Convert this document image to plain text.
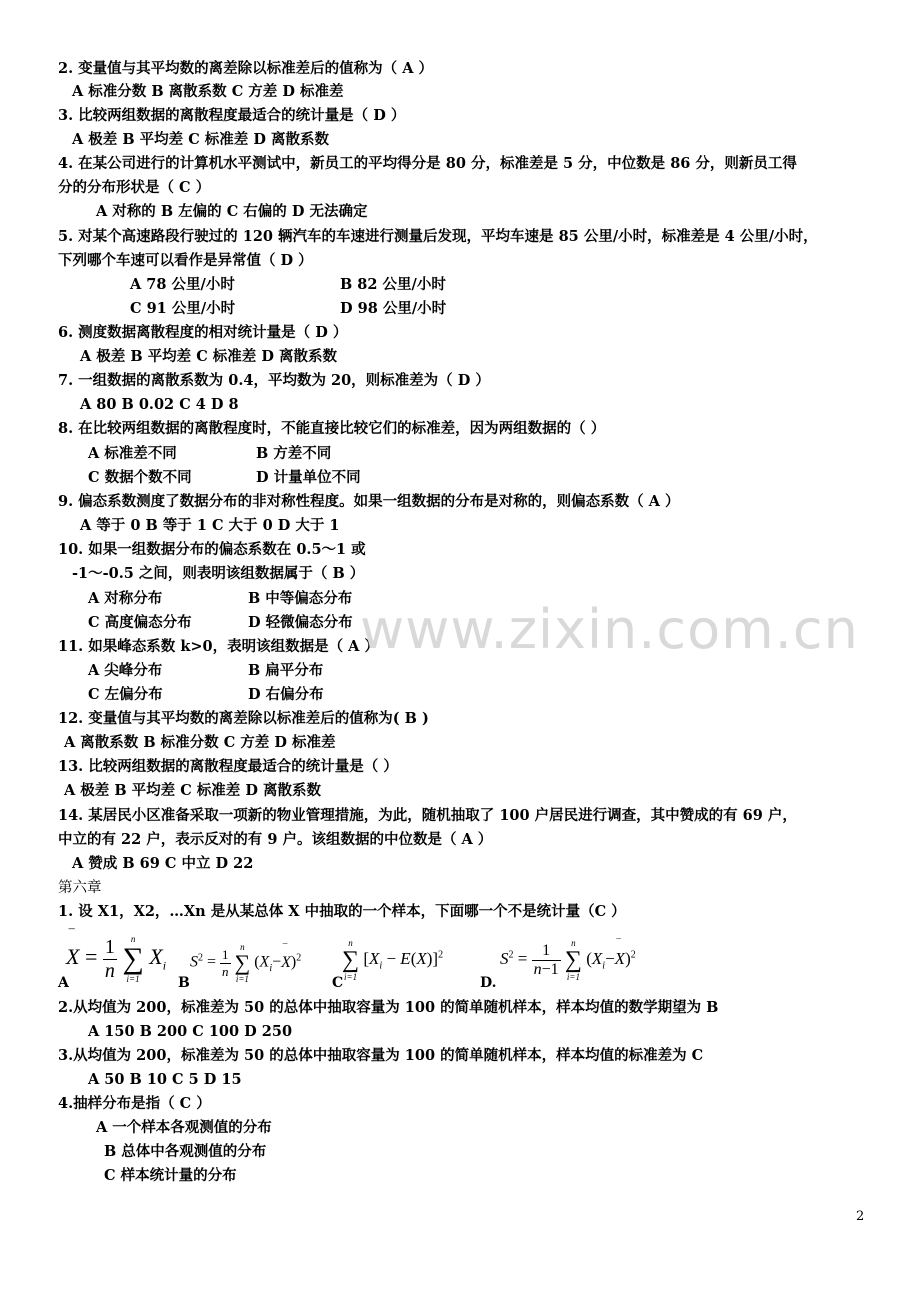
2. 变量值与其平均数的离差除以标准差后的值称为（ A ）
A 标准分数 B 离散系数 C 方差 D 标准差
3. 比较两组数据的离散程度最适合的统计量是（ D ）
A 极差 B 平均差 C 标准差 D 离散系数
4. 在某公司进行的计算机水平测试中，新员工的平均得分是 80 分，标准差是 5 分，中位数是 86 分，则新员工得
分的分布形状是（ C ）
A 对称的 B 左偏的 C 右偏的 D 无法确定
5. 对某个高速路段行驶过的 120 辆汽车的车速进行测量后发现，平均车速是 85 公里/小时，标准差是 4 公里/小时，
下列哪个车速可以看作是异常值（ D ）
A 78 公里/小时	B 82 公里/小时
C 91 公里/小时	D 98 公里/小时
6. 测度数据离散程度的相对统计量是（ D ）
A 极差 B 平均差 C 标准差 D 离散系数
7. 一组数据的离散系数为 0.4，平均数为 20，则标准差为（ D ）
A 80 B 0.02 C 4 D 8
8. 在比较两组数据的离散程度时，不能直接比较它们的标准差，因为两组数据的（ ）
A 标准差不同	B 方差不同
C 数据个数不同	D 计量单位不同
9. 偏态系数测度了数据分布的非对称性程度。如果一组数据的分布是对称的，则偏态系数（ A ）
A 等于 0 B 等于 1 C 大于 0 D 大于 1
10. 如果一组数据分布的偏态系数在 0.5～1 或
-1～-0.5 之间，则表明该组数据属于（ B ）
A 对称分布	B 中等偏态分布
C 高度偏态分布	D 轻微偏态分布
11. 如果峰态系数 k>0，表明该组数据是（ A ）
A 尖峰分布	B 扁平分布
C 左偏分布	D 右偏分布
12. 变量值与其平均数的离差除以标准差后的值称为( B )
A 离散系数 B 标准分数 C 方差 D 标准差
13. 比较两组数据的离散程度最适合的统计量是（ ）
A 极差 B 平均差 C 标准差 D 离散系数
14. 某居民小区准备采取一项新的物业管理措施，为此，随机抽取了 100 户居民进行调查，其中赞成的有 69 户，
中立的有 22 户，表示反对的有 9 户。该组数据的中位数是（ A ）
A 赞成 B 69 C 中立 D 22
第六章
1. 设 X1，X2，…Xn 是从某总体 X 中抽取的一个样本，下面哪一个不是统计量（C ）
A
X
‾
= $\frac{1}{n}$
	n
∑
i=1
$X_i$
B
$S^2 = \frac{1}{n}$
	n
∑
i=1
($X_i-X$
‾
)$^2$
C
n
∑
i=1
$[X_i - E(X)]^2$
D.
$S^2 = \frac{1}{n-1}$
	n
∑
i=1
($X_i-X$
‾
)$^2$
2.从均值为 200，标准差为 50 的总体中抽取容量为 100 的简单随机样本，样本均值的数学期望为 B
A 150 B 200 C 100 D 250
3.从均值为 200，标准差为 50 的总体中抽取容量为 100 的简单随机样本，样本均值的标准差为 C
A 50 B 10 C 5 D 15
4.抽样分布是指（ C ）
A 一个样本各观测值的分布
B 总体中各观测值的分布
C 样本统计量的分布
www.zixin.com.cn
2
